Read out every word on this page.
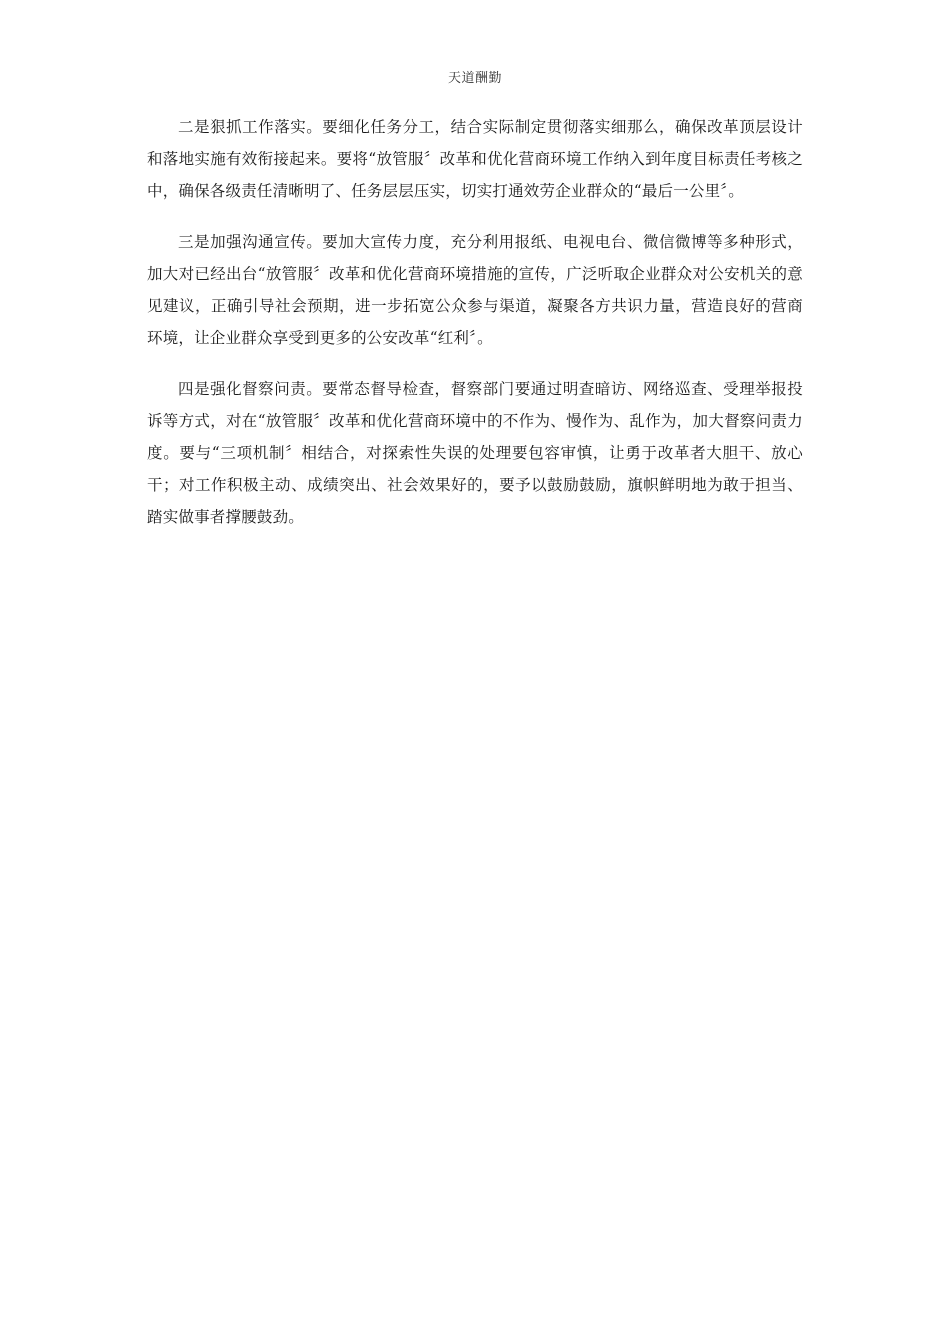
天道酬勤

二是狠抓工作落实。要细化任务分工，结合实际制定贯彻落实细那么，确保改革顶层设计和落地实施有效衔接起来。要将“放管服〞改革和优化营商环境工作纳入到年度目标责任考核之中，确保各级责任清晰明了、任务层层压实，切实打通效劳企业群众的“最后一公里〞。

三是加强沟通宣传。要加大宣传力度，充分利用报纸、电视电台、微信微博等多种形式，加大对已经出台“放管服〞改革和优化营商环境措施的宣传，广泛听取企业群众对公安机关的意见建议，正确引导社会预期，进一步拓宽公众参与渠道，凝聚各方共识力量，营造良好的营商环境，让企业群众享受到更多的公安改革“红利〞。

四是强化督察问责。要常态督导检查，督察部门要通过明查暗访、网络巡查、受理举报投诉等方式，对在“放管服〞改革和优化营商环境中的不作为、慢作为、乱作为，加大督察问责力度。要与“三项机制〞相结合，对探索性失误的处理要包容审慎，让勇于改革者大胆干、放心干；对工作积极主动、成绩突出、社会效果好的，要予以鼓励鼓励，旗帜鲜明地为敢于担当、踏实做事者撑腰鼓劲。
